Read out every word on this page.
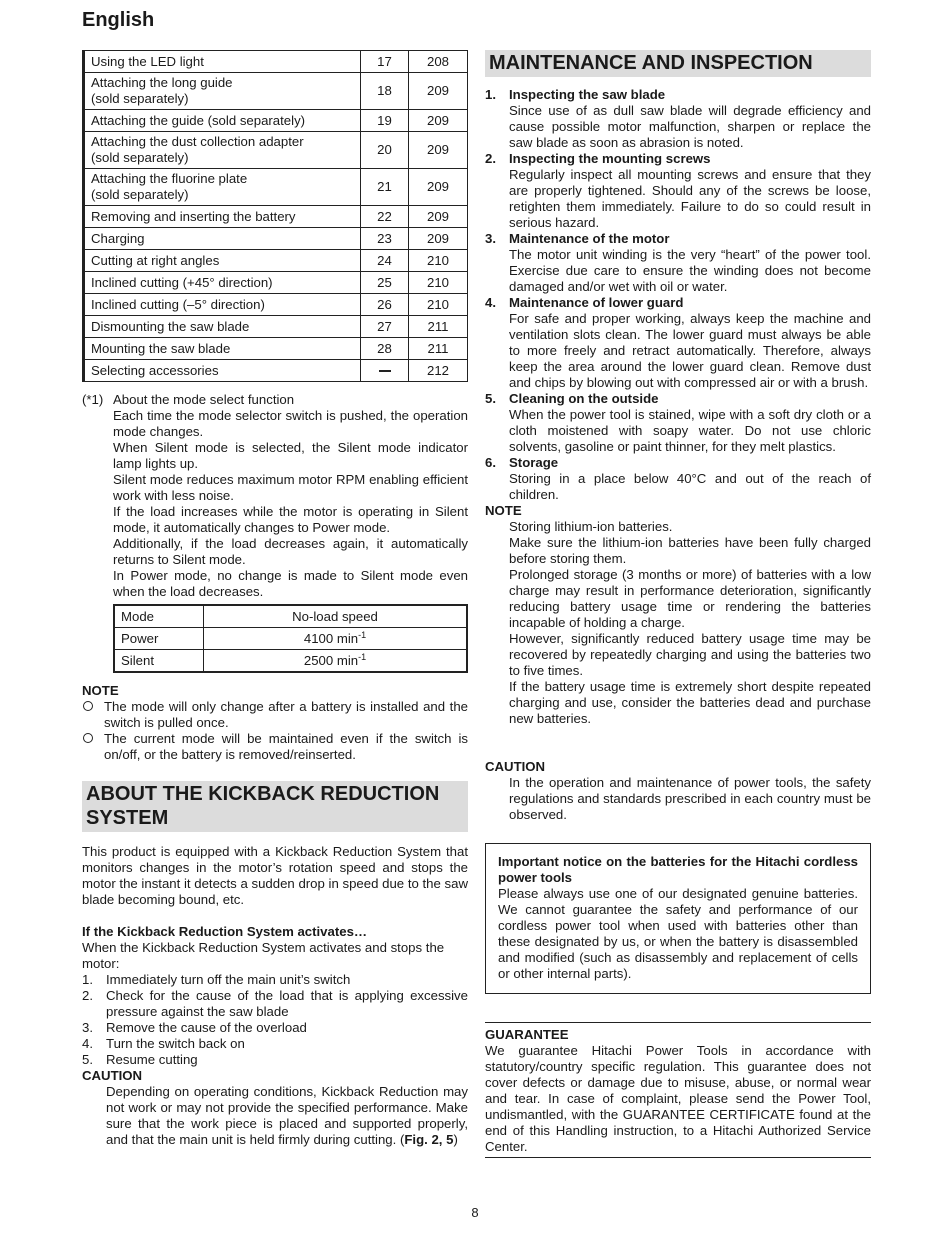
English
Using the LED light	17	208
Attaching the long guide
(sold separately)	18	209
Attaching the guide (sold separately)	19	209
Attaching the dust collection adapter
(sold separately)	20	209
Attaching the fluorine plate
(sold separately)	21	209
Removing and inserting the battery	22	209
Charging	23	209
Cutting at right angles	24	210
Inclined cutting (+45° direction)	25	210
Inclined cutting (–5° direction)	26	210
Dismounting the saw blade	27	211
Mounting the saw blade	28	211
Selecting accessories		212
(*1) About the mode select function

Each time the mode selector switch is pushed, the operation mode changes.

When Silent mode is selected, the Silent mode indicator lamp lights up.

Silent mode reduces maximum motor RPM enabling efficient work with less noise.

If the load increases while the motor is operating in Silent mode, it automatically changes to Power mode.

Additionally, if the load decreases again, it automatically returns to Silent mode.

In Power mode, no change is made to Silent mode even when the load decreases.

Mode	No-load speed
Power	4100 $\min^{-1}$
Silent	2500 $\min^{-1}$

NOTE

The mode will only change after a battery is installed and the switch is pulled once.
The current mode will be maintained even if the switch is on/off, or the battery is removed/reinserted.
ABOUT THE KICKBACK REDUCTION SYSTEM

This product is equipped with a Kickback Reduction System that monitors changes in the motor’s rotation speed and stops the motor the instant it detects a sudden drop in speed due to the saw blade becoming bound, etc.

If the Kickback Reduction System activates…

When the Kickback Reduction System activates and stops the motor:

1. Immediately turn off the main unit’s switch
2. Check for the cause of the load that is applying excessive pressure against the saw blade
3. Remove the cause of the overload
4. Turn the switch back on
5. Resume cutting

CAUTION

Depending on operating conditions, Kickback Reduction may not work or may not provide the specified performance. Make sure that the work piece is placed and supported properly, and that the main unit is held firmly during cutting. (Fig. 2, 5)

MAINTENANCE AND INSPECTION
1. Inspecting the saw blade

Since use of as dull saw blade will degrade efficiency and cause possible motor malfunction, sharpen or replace the saw blade as soon as abrasion is noted.

2. Inspecting the mounting screws

Regularly inspect all mounting screws and ensure that they are properly tightened. Should any of the screws be loose, retighten them immediately. Failure to do so could result in serious hazard.

3. Maintenance of the motor

The motor unit winding is the very “heart” of the power tool. Exercise due care to ensure the winding does not become damaged and/or wet with oil or water.

4. Maintenance of lower guard

For safe and proper working, always keep the machine and ventilation slots clean. The lower guard must always be able to more freely and retract automatically. Therefore, always keep the area around the lower guard clean. Remove dust and chips by blowing out with compressed air or with a brush.

5. Cleaning on the outside

When the power tool is stained, wipe with a soft dry cloth or a cloth moistened with soapy water. Do not use chloric solvents, gasoline or paint thinner, for they melt plastics.

6. Storage

Storing in a place below 40°C and out of the reach of children.

NOTE

Storing lithium-ion batteries.

Make sure the lithium-ion batteries have been fully charged before storing them.

Prolonged storage (3 months or more) of batteries with a low charge may result in performance deterioration, significantly reducing battery usage time or rendering the batteries incapable of holding a charge.

However, significantly reduced battery usage time may be recovered by repeatedly charging and using the batteries two to five times.

If the battery usage time is extremely short despite repeated charging and use, consider the batteries dead and purchase new batteries.

CAUTION

In the operation and maintenance of power tools, the safety regulations and standards prescribed in each country must be observed.

Important notice on the batteries for the Hitachi cordless power tools

Please always use one of our designated genuine batteries. We cannot guarantee the safety and performance of our cordless power tool when used with batteries other than these designated by us, or when the battery is disassembled and modified (such as disassembly and replacement of cells or other internal parts).

GUARANTEE

We guarantee Hitachi Power Tools in accordance with statutory/country specific regulation. This guarantee does not cover defects or damage due to misuse, abuse, or normal wear and tear. In case of complaint, please send the Power Tool, undismantled, with the GUARANTEE CERTIFICATE found at the end of this Handling instruction, to a Hitachi Authorized Service Center.

8
